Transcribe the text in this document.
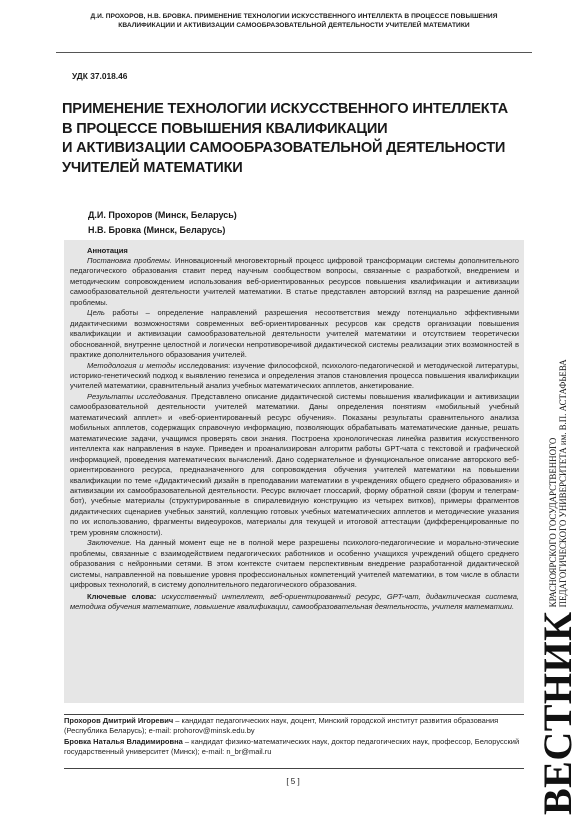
Д.И. ПРОХОРОВ, Н.В. БРОВКА. ПРИМЕНЕНИЕ ТЕХНОЛОГИИ ИСКУССТВЕННОГО ИНТЕЛЛЕКТА В ПРОЦЕССЕ ПОВЫШЕНИЯ
КВАЛИФИКАЦИИ И АКТИВИЗАЦИИ САМООБРАЗОВАТЕЛЬНОЙ ДЕЯТЕЛЬНОСТИ УЧИТЕЛЕЙ МАТЕМАТИКИ
УДК 37.018.46
ПРИМЕНЕНИЕ ТЕХНОЛОГИИ ИСКУССТВЕННОГО ИНТЕЛЛЕКТА
В ПРОЦЕССЕ ПОВЫШЕНИЯ КВАЛИФИКАЦИИ
И АКТИВИЗАЦИИ САМООБРАЗОВАТЕЛЬНОЙ ДЕЯТЕЛЬНОСТИ
УЧИТЕЛЕЙ МАТЕМАТИКИ
Д.И. Прохоров (Минск, Беларусь)
Н.В. Бровка (Минск, Беларусь)
Аннотация

Постановка проблемы. Инновационный многовекторный процесс цифровой трансформации системы дополнительного педагогического образования ставит перед научным сообществом вопросы, связанные с разработкой, внедрением и методическим сопровождением использования веб-ориентированных ресурсов повышения квалификации и активизации самообразовательной деятельности учителей математики. В статье представлен авторский взгляд на разрешение данной проблемы.

Цель работы – определение направлений разрешения несоответствия между потенциально эффективными дидактическими возможностями современных веб-ориентированных ресурсов как средств организации повышения квалификации и активизации самообразовательной деятельности учителей математики и отсутствием теоретически обоснованной, внутренне целостной и логически непротиворечивой дидактической системы реализации этих возможностей в практике дополнительного образования учителей.

Методология и методы исследования: изучение философской, психолого-педагогической и методической литературы, историко-генетический подход к выявлению генезиса и определения этапов становления процесса повышения квалификации учителей математики, сравнительный анализ учебных математических апплетов, анкетирование.

Результаты исследования. Представлено описание дидактической системы повышения квалификации и активизации самообразовательной деятельности учителей математики. Даны определения понятиям «мобильный учебный математический апплет» и «веб-ориентированный ресурс обучения». Показаны результаты сравнительного анализа мобильных апплетов, содержащих справочную информацию, позволяющих обрабатывать математические данные, решать математические задачи, учащимся проверять свои знания. Построена хронологическая линейка развития искусственного интеллекта как направления в науке. Приведен и проанализирован алгоритм работы GPT-чата с текстовой и графической информацией, проведения математических вычислений. Дано содержательное и функциональное описание авторского веб-ориентированного ресурса, предназначенного для сопровождения обучения учителей математики на повышении квалификации по теме «Дидактический дизайн в преподавании математики в учреждениях общего среднего образования» и активизации их самообразовательной деятельности. Ресурс включает глоссарий, форму обратной связи (форум и телеграм-бот), учебные материалы (структурированные в спиралевидную конструкцию из четырех витков), примеры фрагментов дидактических сценариев учебных занятий, коллекцию готовых учебных математических апплетов и методические указания по их использованию, фрагменты видеоуроков, материалы для текущей и итоговой аттестации (дифференцированные по трем уровням сложности).

Заключение. На данный момент еще не в полной мере разрешены психолого-педагогические и морально-этические проблемы, связанные с взаимодействием педагогических работников и особенно учащихся учреждений общего среднего образования с нейронными сетями. В этом контексте считаем перспективным внедрение разработанной дидактической системы, направленной на повышение уровня профессиональных компетенций учителей математики, в том числе в области цифровых технологий, в систему дополнительного педагогического образования.

Ключевые слова: искусственный интеллект, веб-ориентированный ресурс, GPT-чат, дидактическая система, методика обучения математике, повышение квалификации, самообразовательная деятельность, учителя математики.

Прохоров Дмитрий Игоревич – кандидат педагогических наук, доцент, Минский городской институт развития образования (Республика Беларусь); e-mail: prohorov@minsk.edu.by

Бровка Наталья Владимировна – кандидат физико-математических наук, доктор педагогических наук, профессор, Белорусский государственный университет (Минск); e-mail: n_br@mail.ru

[ 5 ]	ВЕСТНИК
КРАСНОЯРСКОГО ГОСУДАРСТВЕННОГО ПЕДАГОГИЧЕСКОГО УНИВЕРСИТЕТА им. В.П. АСТАФЬЕВА
